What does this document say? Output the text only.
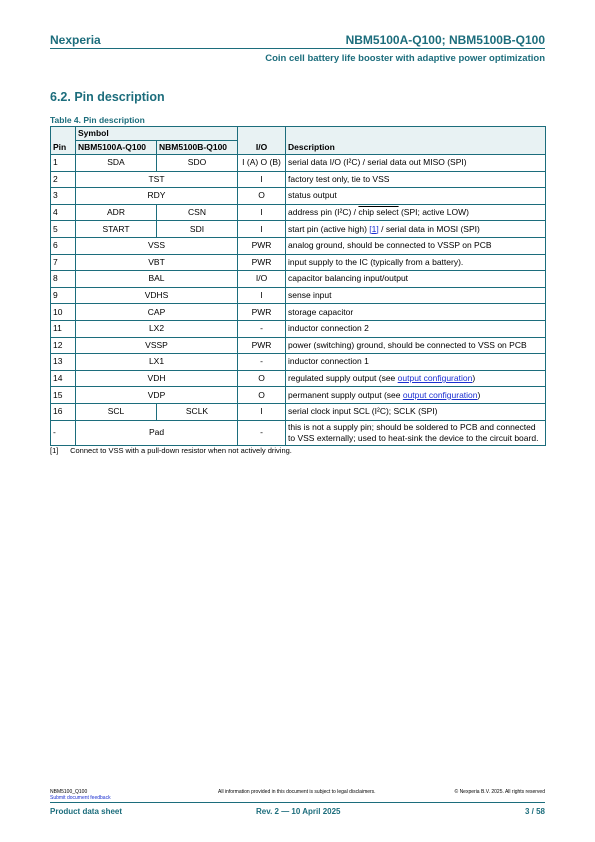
Nexperia	NBM5100A-Q100; NBM5100B-Q100
Coin cell battery life booster with adaptive power optimization
6.2. Pin description
Table 4. Pin description
Pin	Symbol		I/O	Description
	NBM5100A-Q100	NBM5100B-Q100		
1	SDA	SDO	I (A) O (B)	serial data I/O (I²C) / serial data out MISO (SPI)
2	TST		I	factory test only, tie to VSS
3	RDY		O	status output
4	ADR	CSN	I	address pin (I²C) / chip select (SPI; active LOW)
5	START	SDI	I	start pin (active high) [1] / serial data in MOSI (SPI)
6	VSS		PWR	analog ground, should be connected to VSSP on PCB
7	VBT		PWR	input supply to the IC (typically from a battery).
8	BAL		I/O	capacitor balancing input/output
9	VDHS		I	sense input
10	CAP		PWR	storage capacitor
11	LX2		-	inductor connection 2
12	VSSP		PWR	power (switching) ground, should be connected to VSS on PCB
13	LX1		-	inductor connection 1
14	VDH		O	regulated supply output (see output configuration)
15	VDP		O	permanent supply output (see output configuration)
16	SCL	SCLK	I	serial clock input SCL (I²C); SCLK (SPI)
-	Pad		-	this is not a supply pin; should be soldered to PCB and connected to VSS externally; used to heat-sink the device to the circuit board.
[1] Connect to VSS with a pull-down resistor when not actively driving.
NBM5100_Q100
Submit document feedback
All information provided in this document is subject to legal disclaimers.	© Nexperia B.V. 2025. All rights reserved
Product data sheet	Rev. 2 — 10 April 2025	3 / 58
